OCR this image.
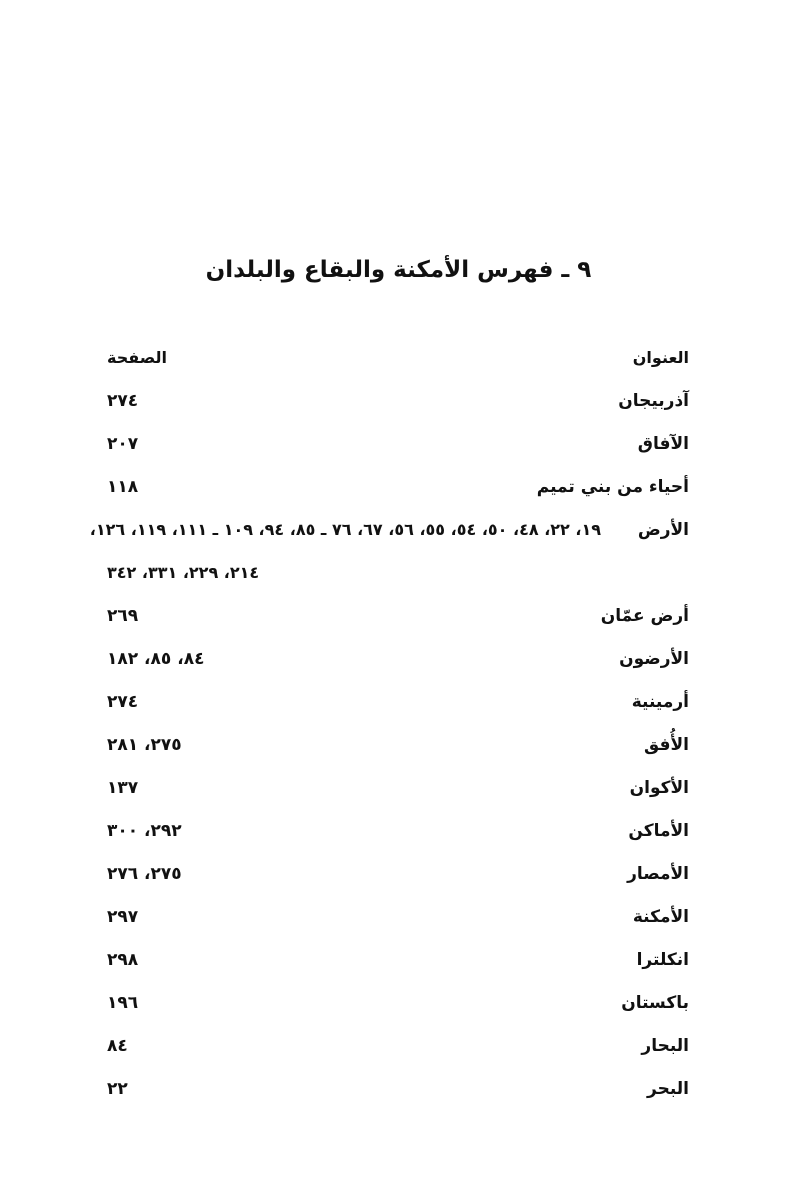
٩ ـ فهرس الأمكنة والبقاع والبلدان
العنوان
الصفحة
آذربيجان
٢٧٤
الآفاق
٢٠٧
أحياء من بني تميم
١١٨
الأرض
١٩، ٢٢، ٤٨، ٥٠، ٥٤، ٥٥، ٥٦، ٦٧، ٧٦ ـ ٨٥، ٩٤، ١٠٩ ـ ١١١، ١١٩، ١٢٦،
٢١٤، ٢٢٩، ٣٣١، ٣٤٢
أرض عمّان
٢٦٩
الأرضون
٨٤، ٨٥، ١٨٢
أرمينية
٢٧٤
الأُفق
٢٧٥، ٢٨١
الأكوان
١٣٧
الأماكن
٢٩٢، ٣٠٠
الأمصار
٢٧٥، ٢٧٦
الأمكنة
٢٩٧
انكلترا
٢٩٨
باكستان
١٩٦
البحار
٨٤
البحر
٢٢
